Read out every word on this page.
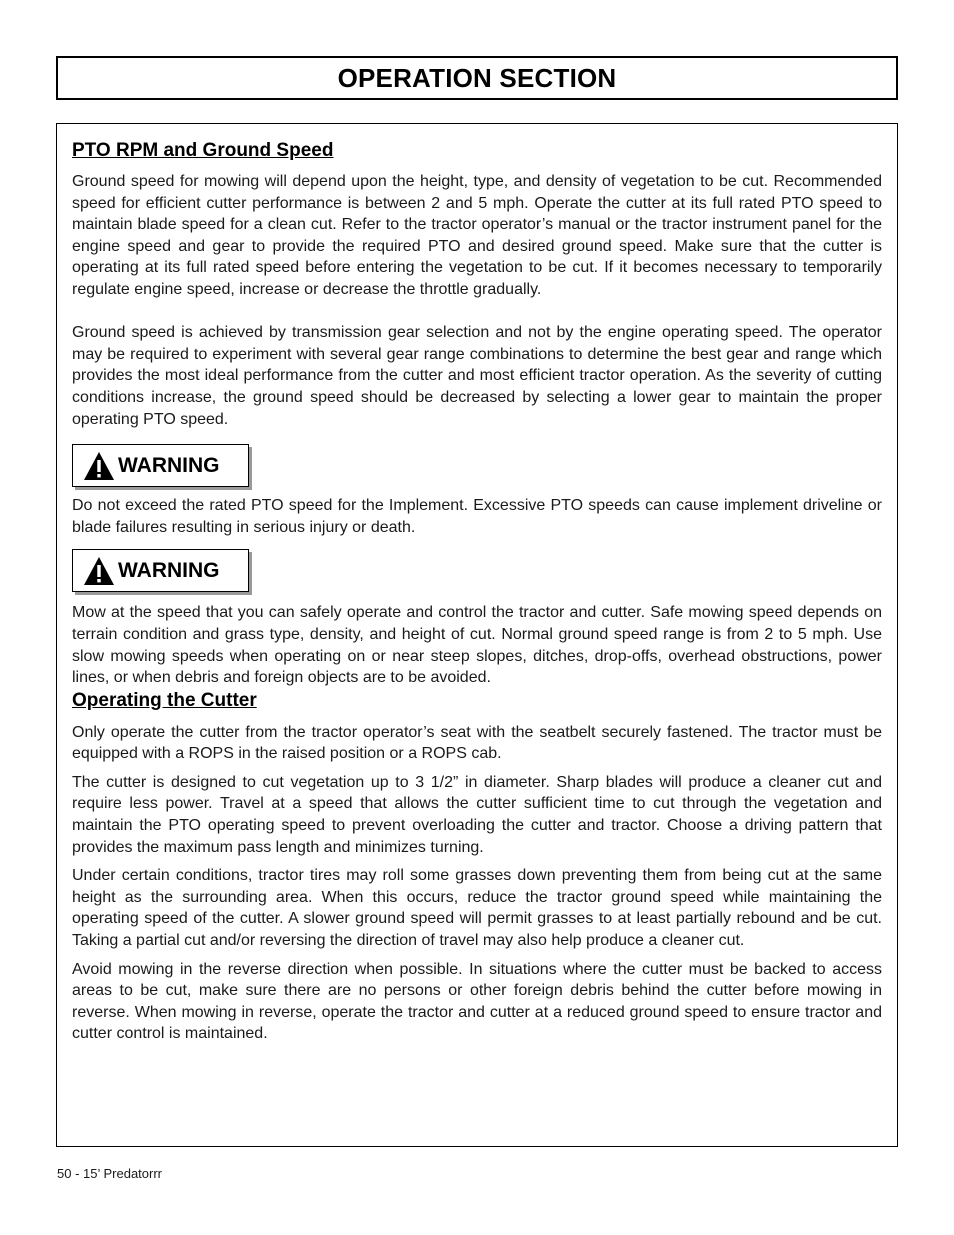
OPERATION SECTION
PTO RPM and Ground Speed

Ground speed for mowing will depend upon the height, type, and density of vegetation to be cut. Recommended speed for efficient cutter performance is between 2 and 5 mph. Operate the cutter at its full rated PTO speed to maintain blade speed for a clean cut. Refer to the tractor operator’s manual or the tractor instrument panel for the engine speed and gear to provide the required PTO and desired ground speed. Make sure that the cutter is operating at its full rated speed before entering the vegetation to be cut. If it becomes necessary to temporarily regulate engine speed, increase or decrease the throttle gradually.

Ground speed is achieved by transmission gear selection and not by the engine operating speed. The operator may be required to experiment with several gear range combinations to determine the best gear and range which provides the most ideal performance from the cutter and most efficient tractor operation. As the severity of cutting conditions increase, the ground speed should be decreased by selecting a lower gear to maintain the proper operating PTO speed.

WARNING

Do not exceed the rated PTO speed for the Implement. Excessive PTO speeds can cause implement driveline or blade failures resulting in serious injury or death.

WARNING

Mow at the speed that you can safely operate and control the tractor and cutter. Safe mowing speed depends on terrain condition and grass type, density, and height of cut. Normal ground speed range is from 2 to 5 mph. Use slow mowing speeds when operating on or near steep slopes, ditches, drop-offs, overhead obstructions, power lines, or when debris and foreign objects are to be avoided.

Operating the Cutter

Only operate the cutter from the tractor operator’s seat with the seatbelt securely fastened. The tractor must be equipped with a ROPS in the raised position or a ROPS cab.

The cutter is designed to cut vegetation up to 3 1/2” in diameter. Sharp blades will produce a cleaner cut and require less power. Travel at a speed that allows the cutter sufficient time to cut through the vegetation and maintain the PTO operating speed to prevent overloading the cutter and tractor. Choose a driving pattern that provides the maximum pass length and minimizes turning.

Under certain conditions, tractor tires may roll some grasses down preventing them from being cut at the same height as the surrounding area. When this occurs, reduce the tractor ground speed while maintaining the operating speed of the cutter. A slower ground speed will permit grasses to at least partially rebound and be cut. Taking a partial cut and/or reversing the direction of travel may also help produce a cleaner cut.

Avoid mowing in the reverse direction when possible. In situations where the cutter must be backed to access areas to be cut, make sure there are no persons or other foreign debris behind the cutter before mowing in reverse. When mowing in reverse, operate the tractor and cutter at a reduced ground speed to ensure tractor and cutter control is maintained.

50 - 15’ Predatorrr
